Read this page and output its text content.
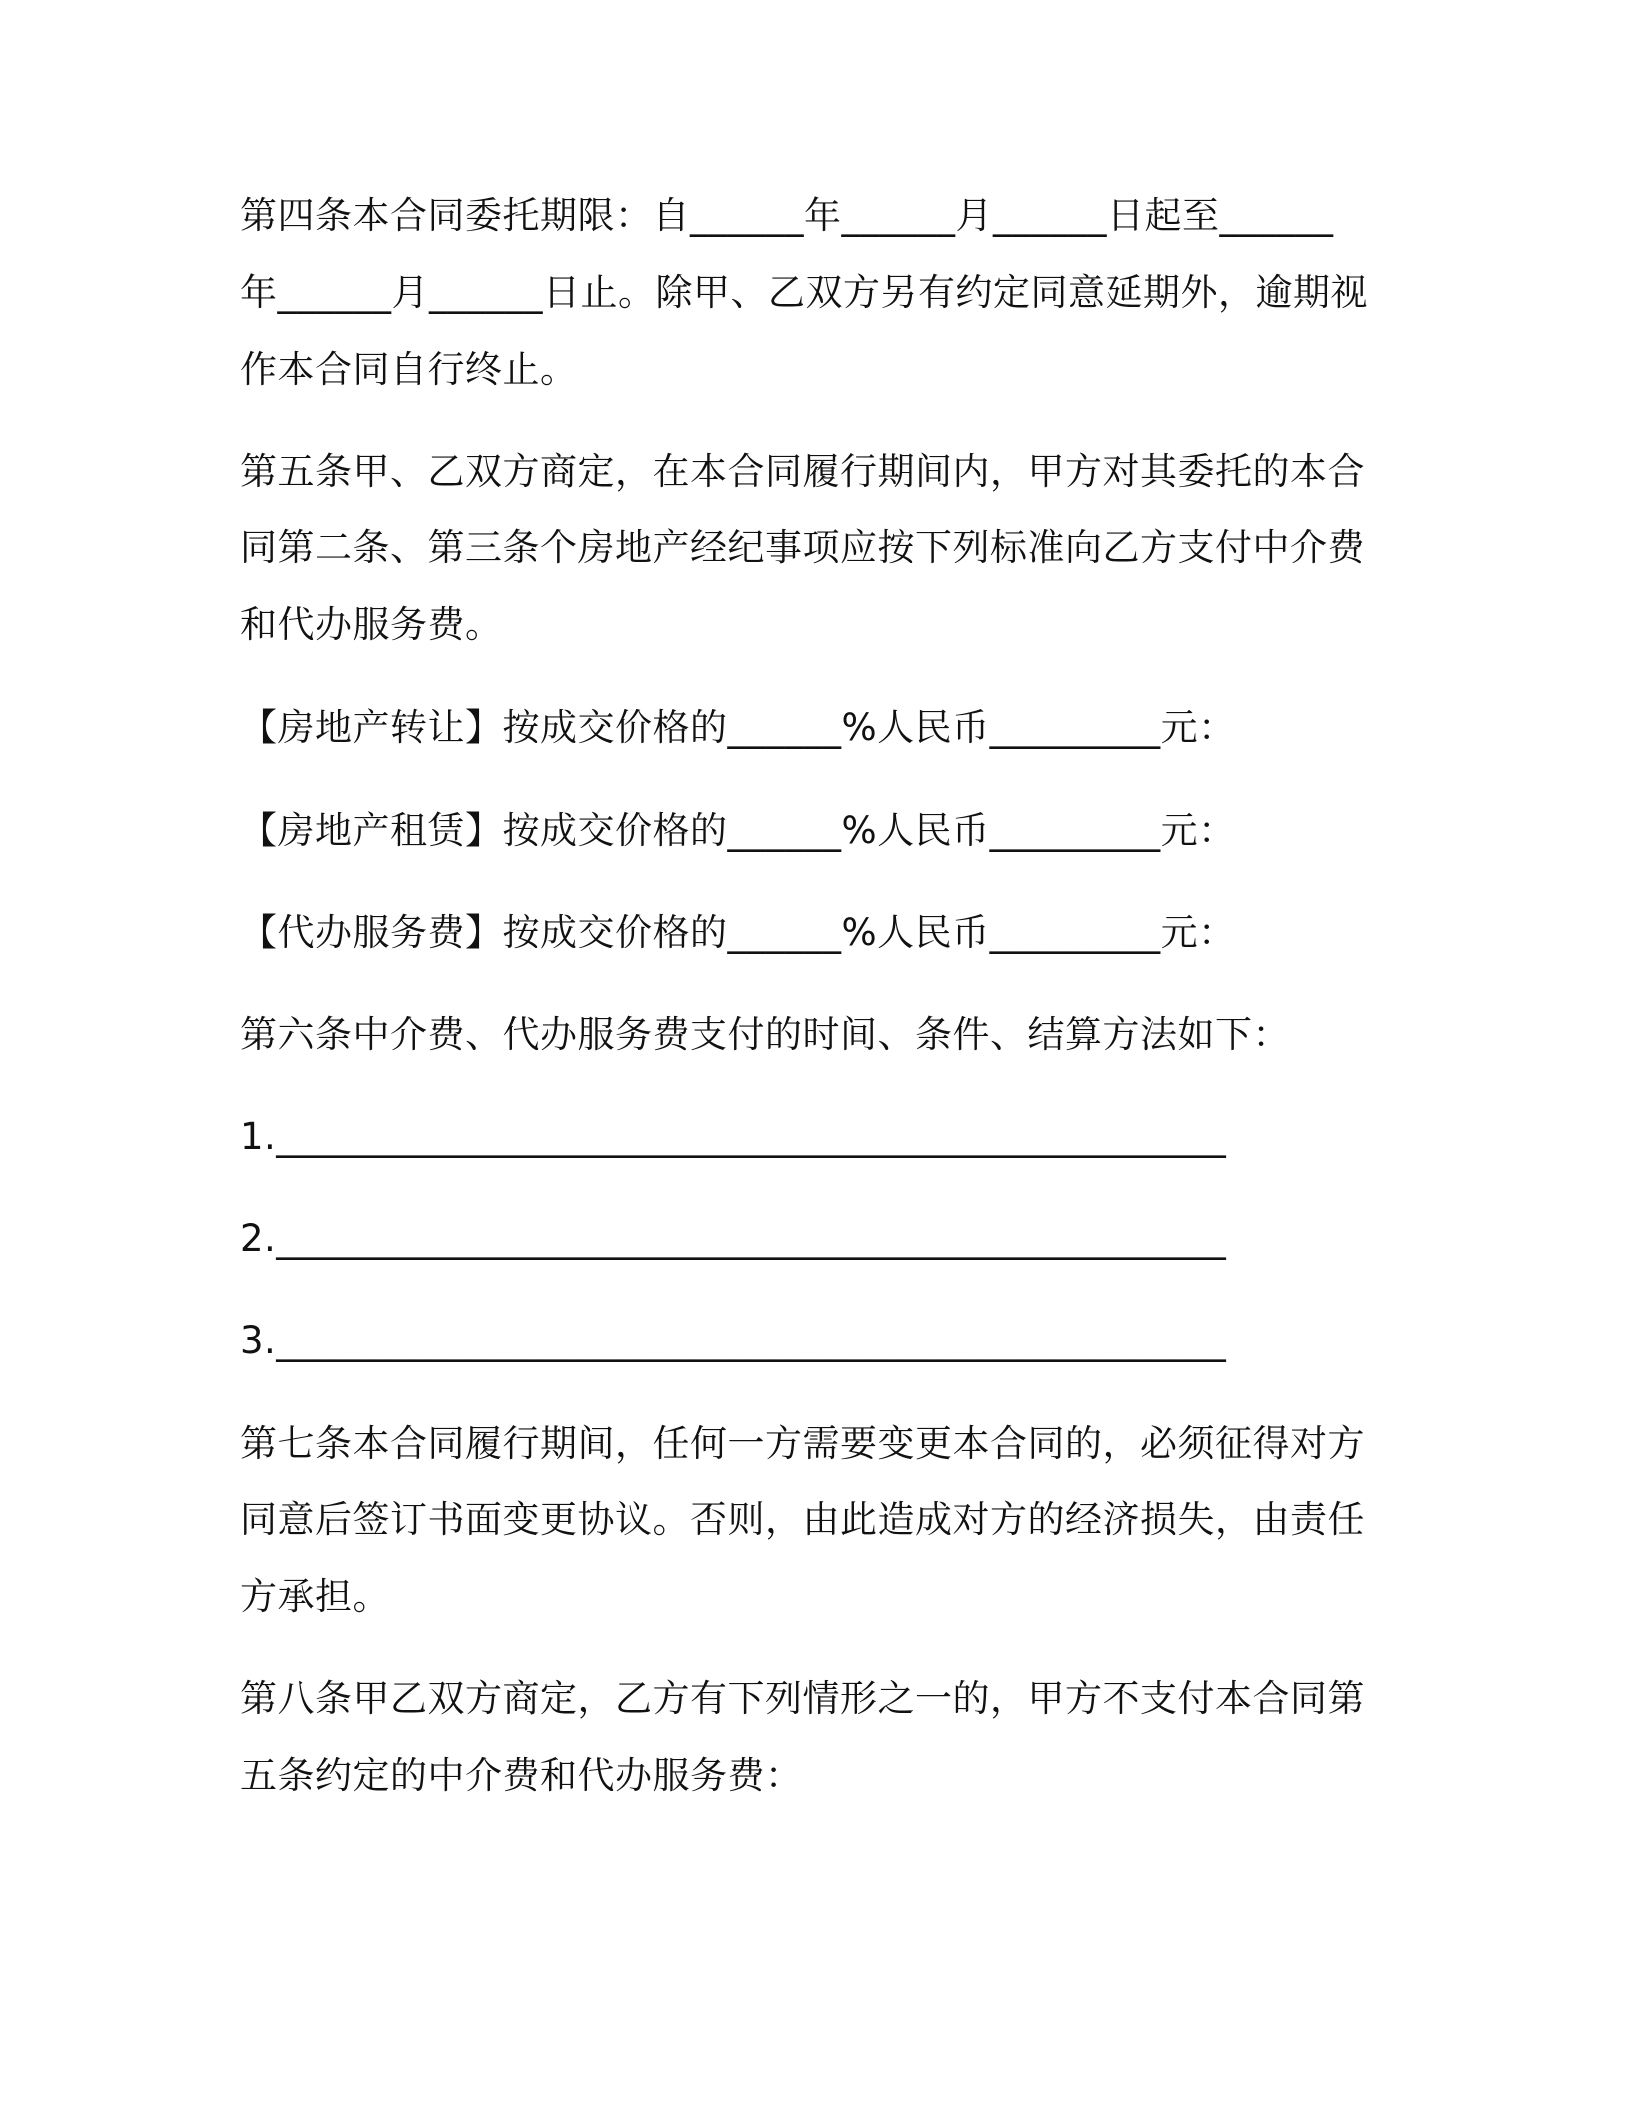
第四条本合同委托期限：自______年______月______日起至______
年______月______日止。除甲、乙双方另有约定同意延期外，逾期视
作本合同自行终止。
第五条甲、乙双方商定，在本合同履行期间内，甲方对其委托的本合
同第二条、第三条个房地产经纪事项应按下列标准向乙方支付中介费
和代办服务费。
【房地产转让】按成交价格的______%人民币_________元：
【房地产租赁】按成交价格的______%人民币_________元：
【代办服务费】按成交价格的______%人民币_________元：
第六条中介费、代办服务费支付的时间、条件、结算方法如下：
1.__________________________________________________
2.__________________________________________________
3.__________________________________________________
第七条本合同履行期间，任何一方需要变更本合同的，必须征得对方
同意后签订书面变更协议。否则，由此造成对方的经济损失，由责任
方承担。
第八条甲乙双方商定，乙方有下列情形之一的，甲方不支付本合同第
五条约定的中介费和代办服务费：
